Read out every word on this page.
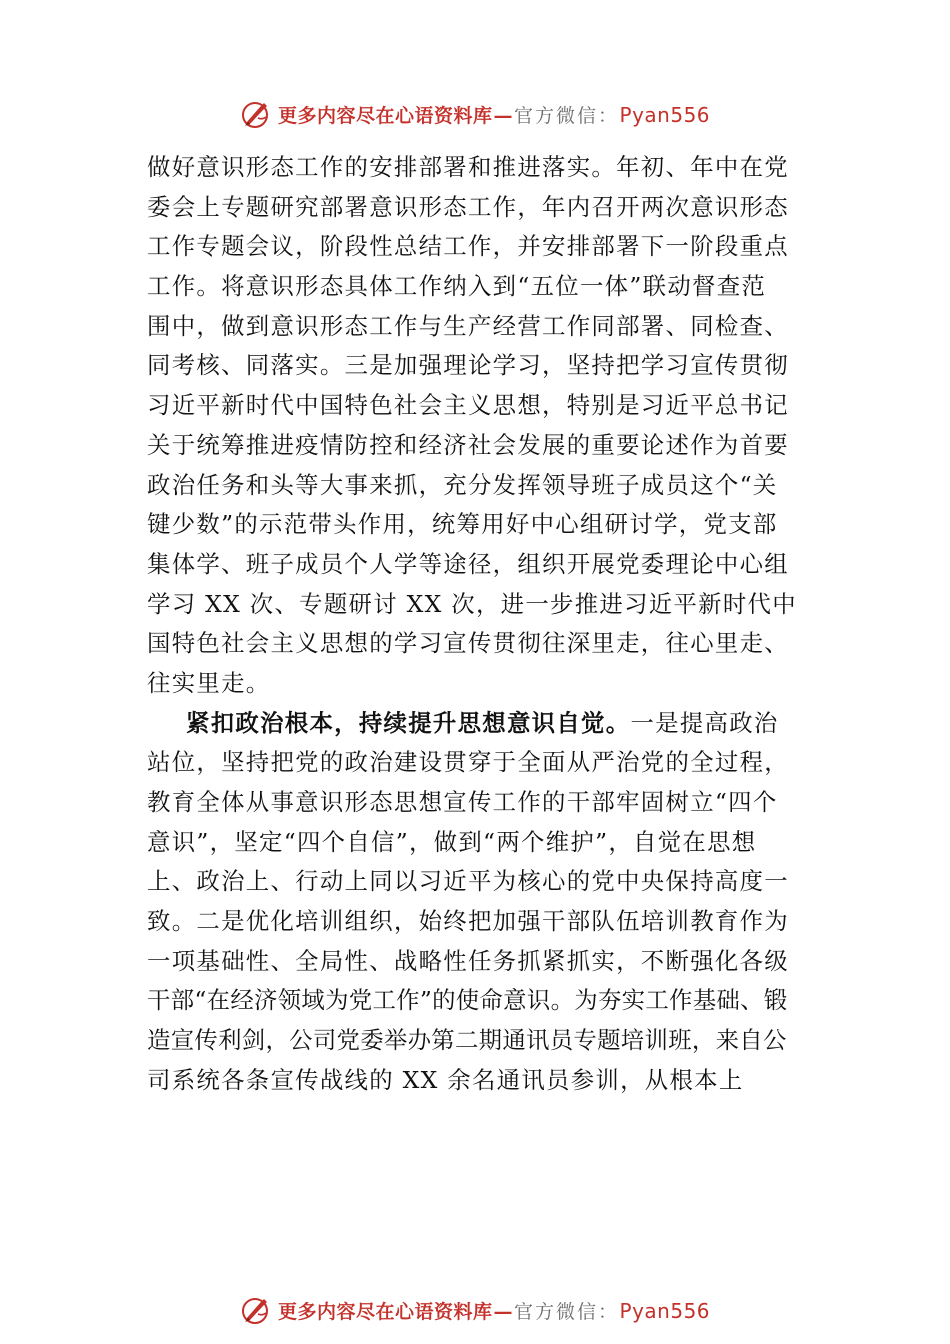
更多内容尽在心语资料库—官方微信： Pyan556
做好意识形态工作的安排部署和推进落实。年初、年中在党
委会上专题研究部署意识形态工作，年内召开两次意识形态
工作专题会议，阶段性总结工作，并安排部署下一阶段重点
工作。将意识形态具体工作纳入到“五位一体”联动督查范
围中，做到意识形态工作与生产经营工作同部署、同检查、
同考核、同落实。三是加强理论学习，坚持把学习宣传贯彻
习近平新时代中国特色社会主义思想，特别是习近平总书记
关于统筹推进疫情防控和经济社会发展的重要论述作为首要
政治任务和头等大事来抓，充分发挥领导班子成员这个“关
键少数”的示范带头作用，统筹用好中心组研讨学，党支部
集体学、班子成员个人学等途径，组织开展党委理论中心组
学习 XX 次、专题研讨 XX 次，进一步推进习近平新时代中
国特色社会主义思想的学习宣传贯彻往深里走，往心里走、
往实里走。
紧扣政治根本，持续提升思想意识自觉。一是提高政治
站位，坚持把党的政治建设贯穿于全面从严治党的全过程，
教育全体从事意识形态思想宣传工作的干部牢固树立“四个
意识”，坚定“四个自信”，做到“两个维护”，自觉在思想
上、政治上、行动上同以习近平为核心的党中央保持高度一
致。二是优化培训组织，始终把加强干部队伍培训教育作为
一项基础性、全局性、战略性任务抓紧抓实，不断强化各级
干部“在经济领域为党工作”的使命意识。为夯实工作基础、锻
造宣传利剑，公司党委举办第二期通讯员专题培训班，来自公
司系统各条宣传战线的 XX 余名通讯员参训，从根本上
更多内容尽在心语资料库—官方微信： Pyan556
